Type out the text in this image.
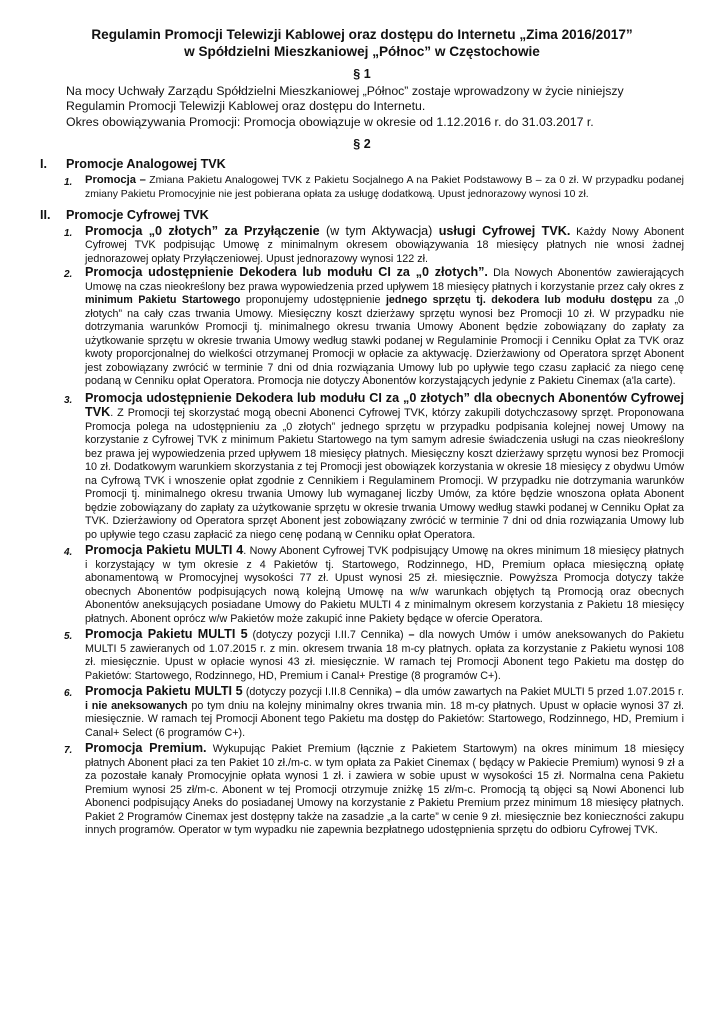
Regulamin Promocji Telewizji Kablowej oraz dostępu do Internetu „Zima 2016/2017”
w Spółdzielni Mieszkaniowej „Północ” w Częstochowie
§ 1
Na mocy Uchwały Zarządu Spółdzielni Mieszkaniowej „Północ” zostaje wprowadzony w życie niniejszy Regulamin Promocji Telewizji Kablowej oraz dostępu do Internetu.
Okres obowiązywania Promocji: Promocja obowiązuje w okresie od 1.12.2016 r. do 31.03.2017 r.
§ 2
I.	Promocje Analogowej TVK
1.	Promocja – Zmiana Pakietu Analogowej TVK z Pakietu Socjalnego A na Pakiet Podstawowy B – za 0 zł. W przypadku podanej zmiany Pakietu Promocyjnie nie jest pobierana opłata za usługę dodatkową. Upust jednorazowy wynosi 10 zł.
II.	Promocje Cyfrowej TVK
1.	Promocja „0 złotych” za Przyłączenie (w tym Aktywacja) usługi Cyfrowej TVK. Każdy Nowy Abonent Cyfrowej TVK podpisując Umowę z minimalnym okresem obowiązywania 18 miesięcy płatnych nie wnosi żadnej jednorazowej opłaty Przyłączeniowej. Upust jednorazowy wynosi 122 zł.
2.	Promocja udostępnienie Dekodera lub modułu CI za „0 złotych”. Dla Nowych Abonentów zawierających Umowę na czas nieokreślony bez prawa wypowiedzenia przed upływem 18 miesięcy płatnych i korzystanie przez cały okres z minimum Pakietu Startowego proponujemy udostępnienie jednego sprzętu tj. dekodera lub modułu dostępu za „0 złotych” na cały czas trwania Umowy. Miesięczny koszt dzierżawy sprzętu wynosi bez Promocji 10 zł. W przypadku nie dotrzymania warunków Promocji tj. minimalnego okresu trwania Umowy Abonent będzie zobowiązany do zapłaty za użytkowanie sprzętu w okresie trwania Umowy według stawki podanej w Regulaminie Promocji i Cenniku Opłat za TVK oraz kwoty proporcjonalnej do wielkości otrzymanej Promocji w opłacie za aktywację. Dzierżawiony od Operatora sprzęt Abonent jest zobowiązany zwrócić w terminie 7 dni od dnia rozwiązania Umowy lub po upływie tego czasu zapłacić za niego cenę podaną w Cenniku opłat Operatora. Promocja nie dotyczy Abonentów korzystających jedynie z Pakietu Cinemax (a'la carte).
3.	Promocja udostępnienie Dekodera lub modułu CI za „0 złotych” dla obecnych Abonentów Cyfrowej TVK. Z Promocji tej skorzystać mogą obecni Abonenci Cyfrowej TVK, którzy zakupili dotychczasowy sprzęt. Proponowana Promocja polega na udostępnieniu za „0 złotych” jednego sprzętu w przypadku podpisania kolejnej nowej Umowy na korzystanie z Cyfrowej TVK z minimum Pakietu Startowego na tym samym adresie świadczenia usługi na czas nieokreślony bez prawa jej wypowiedzenia przed upływem 18 miesięcy płatnych. Miesięczny koszt dzierżawy sprzętu wynosi bez Promocji 10 zł. Dodatkowym warunkiem skorzystania z tej Promocji jest obowiązek korzystania w okresie 18 miesięcy z obydwu Umów na Cyfrową TVK i wnoszenie opłat zgodnie z Cennikiem i Regulaminem Promocji. W przypadku nie dotrzymania warunków Promocji tj. minimalnego okresu trwania Umowy lub wymaganej liczby Umów, za które będzie wnoszona opłata Abonent będzie zobowiązany do zapłaty za użytkowanie sprzętu w okresie trwania Umowy według stawki podanej w Cenniku Opłat za TVK. Dzierżawiony od Operatora sprzęt Abonent jest zobowiązany zwrócić w terminie 7 dni od dnia rozwiązania Umowy lub po upływie tego czasu zapłacić za niego cenę podaną w Cenniku opłat Operatora.
4.	Promocja Pakietu MULTI 4. Nowy Abonent Cyfrowej TVK podpisujący Umowę na okres minimum 18 miesięcy płatnych i korzystający w tym okresie z 4 Pakietów tj. Startowego, Rodzinnego, HD, Premium opłaca miesięczną opłatę abonamentową w Promocyjnej wysokości 77 zł. Upust wynosi 25 zł. miesięcznie. Powyższa Promocja dotyczy także obecnych Abonentów podpisujących nową kolejną Umowę na w/w warunkach objętych tą Promocją oraz obecnych Abonentów aneksujących posiadane Umowy do Pakietu MULTI 4 z minimalnym okresem korzystania z Pakietu 18 miesięcy płatnych. Abonent oprócz w/w Pakietów może zakupić inne Pakiety będące w ofercie Operatora.
5.	Promocja Pakietu MULTI 5 (dotyczy pozycji I.II.7 Cennika) – dla nowych Umów i umów aneksowanych do Pakietu MULTI 5 zawieranych od 1.07.2015 r. z min. okresem trwania 18 m-cy płatnych. opłata za korzystanie z Pakietu wynosi 108 zł. miesięcznie. Upust w opłacie wynosi 43 zł. miesięcznie. W ramach tej Promocji Abonent tego Pakietu ma dostęp do Pakietów: Startowego, Rodzinnego, HD, Premium i Canal+ Prestige (8 programów C+).
6.	Promocja Pakietu MULTI 5 (dotyczy pozycji I.II.8 Cennika) – dla umów zawartych na Pakiet MULTI 5 przed 1.07.2015 r. i nie aneksowanych po tym dniu na kolejny minimalny okres trwania min. 18 m-cy płatnych. Upust w opłacie wynosi 37 zł. miesięcznie. W ramach tej Promocji Abonent tego Pakietu ma dostęp do Pakietów: Startowego, Rodzinnego, HD, Premium i Canal+ Select (6 programów C+).
7.	Promocja Premium. Wykupując Pakiet Premium (łącznie z Pakietem Startowym) na okres minimum 18 miesięcy płatnych Abonent płaci za ten Pakiet 10 zł./m-c. w tym opłata za Pakiet Cinemax ( będący w Pakiecie Premium) wynosi 9 zł a za pozostałe kanały Promocyjnie opłata wynosi 1 zł. i zawiera w sobie upust w wysokości 15 zł. Normalna cena Pakietu Premium wynosi 25 zł/m-c. Abonent w tej Promocji otrzymuje zniżkę 15 zł/m-c. Promocją tą objęci są Nowi Abonenci lub Abonenci podpisujący Aneks do posiadanej Umowy na korzystanie z Pakietu Premium przez minimum 18 miesięcy płatnych. Pakiet 2 Programów Cinemax jest dostępny także na zasadzie „a la carte” w cenie 9 zł. miesięcznie bez konieczności zakupu innych programów. Operator w tym wypadku nie zapewnia bezpłatnego udostępnienia sprzętu do odbioru Cyfrowej TVK.
